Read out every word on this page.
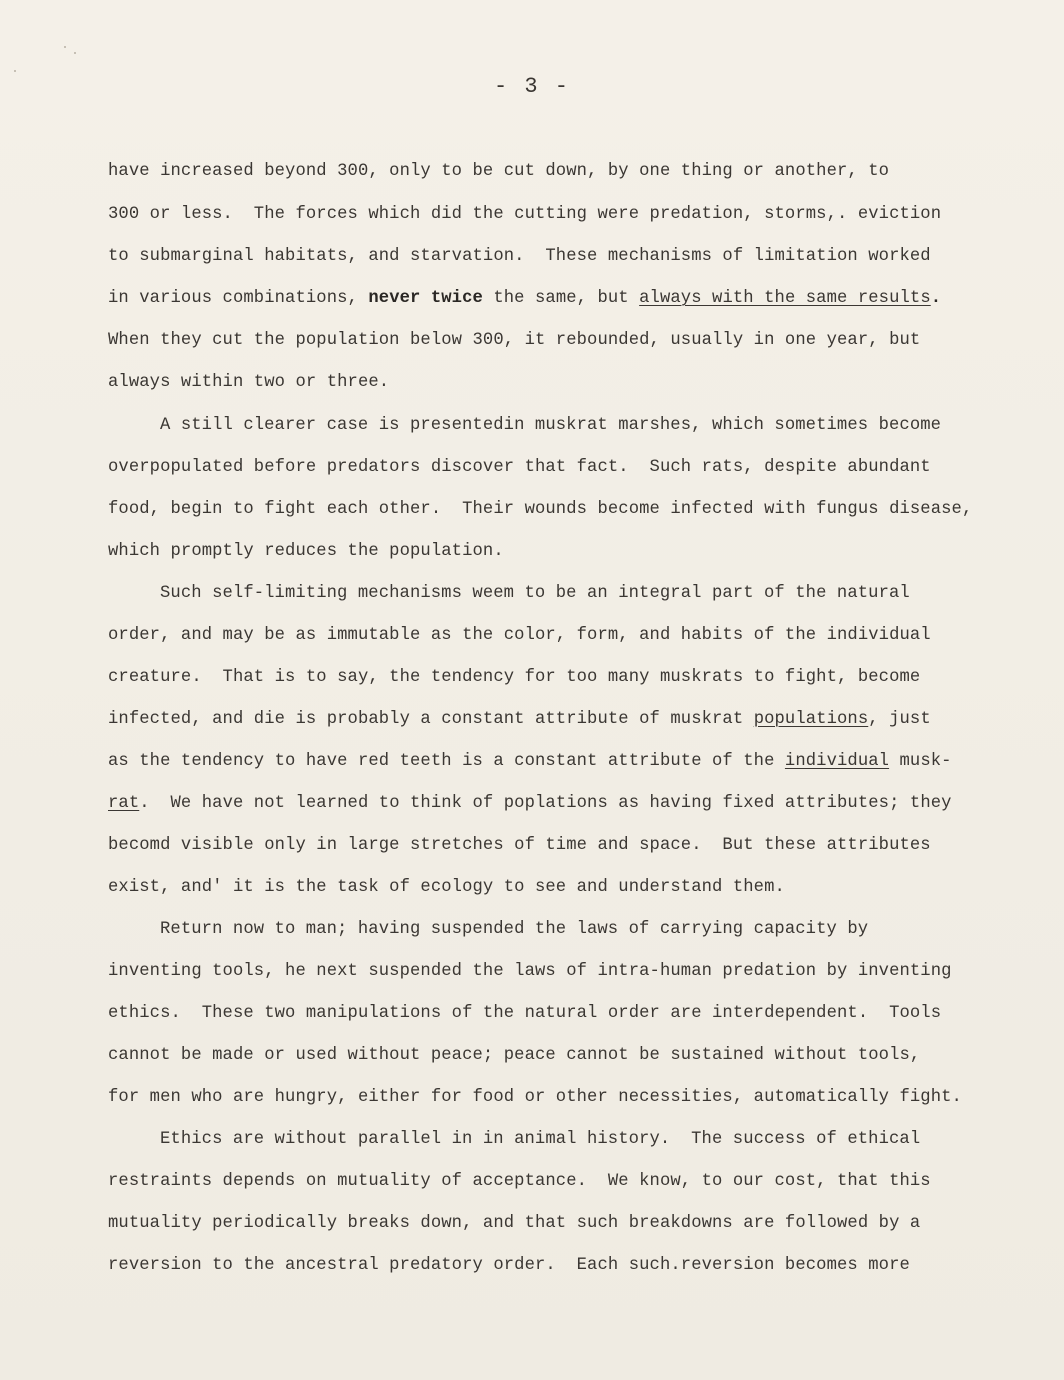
- 3 -
have increased beyond 300, only to be cut down, by one thing or another, to
300 or less.  The forces which did the cutting were predation, storms,. eviction
to submarginal habitats, and starvation.  These mechanisms of limitation worked
in various combinations, never twice the same, but always with the same results.
When they cut the population below 300, it rebounded, usually in one year, but
always within two or three.
A still clearer case is presentedin muskrat marshes, which sometimes become
overpopulated before predators discover that fact.  Such rats, despite abundant
food, begin to fight each other.  Their wounds become infected with fungus disease,
which promptly reduces the population.
Such self-limiting mechanisms weem to be an integral part of the natural
order, and may be as immutable as the color, form, and habits of the individual
creature.  That is to say, the tendency for too many muskrats to fight, become
infected, and die is probably a constant attribute of muskrat populations, just
as the tendency to have red teeth is a constant attribute of the individual musk-
rat.  We have not learned to think of poplations as having fixed attributes; they
becomd visible only in large stretches of time and space.  But these attributes
exist, and' it is the task of ecology to see and understand them.
Return now to man; having suspended the laws of carrying capacity by
inventing tools, he next suspended the laws of intra-human predation by inventing
ethics.  These two manipulations of the natural order are interdependent.  Tools
cannot be made or used without peace; peace cannot be sustained without tools,
for men who are hungry, either for food or other necessities, automatically fight.
Ethics are without parallel in in animal history.  The success of ethical
restraints depends on mutuality of acceptance.  We know, to our cost, that this
mutuality periodically breaks down, and that such breakdowns are followed by a
reversion to the ancestral predatory order.  Each such.reversion becomes more
